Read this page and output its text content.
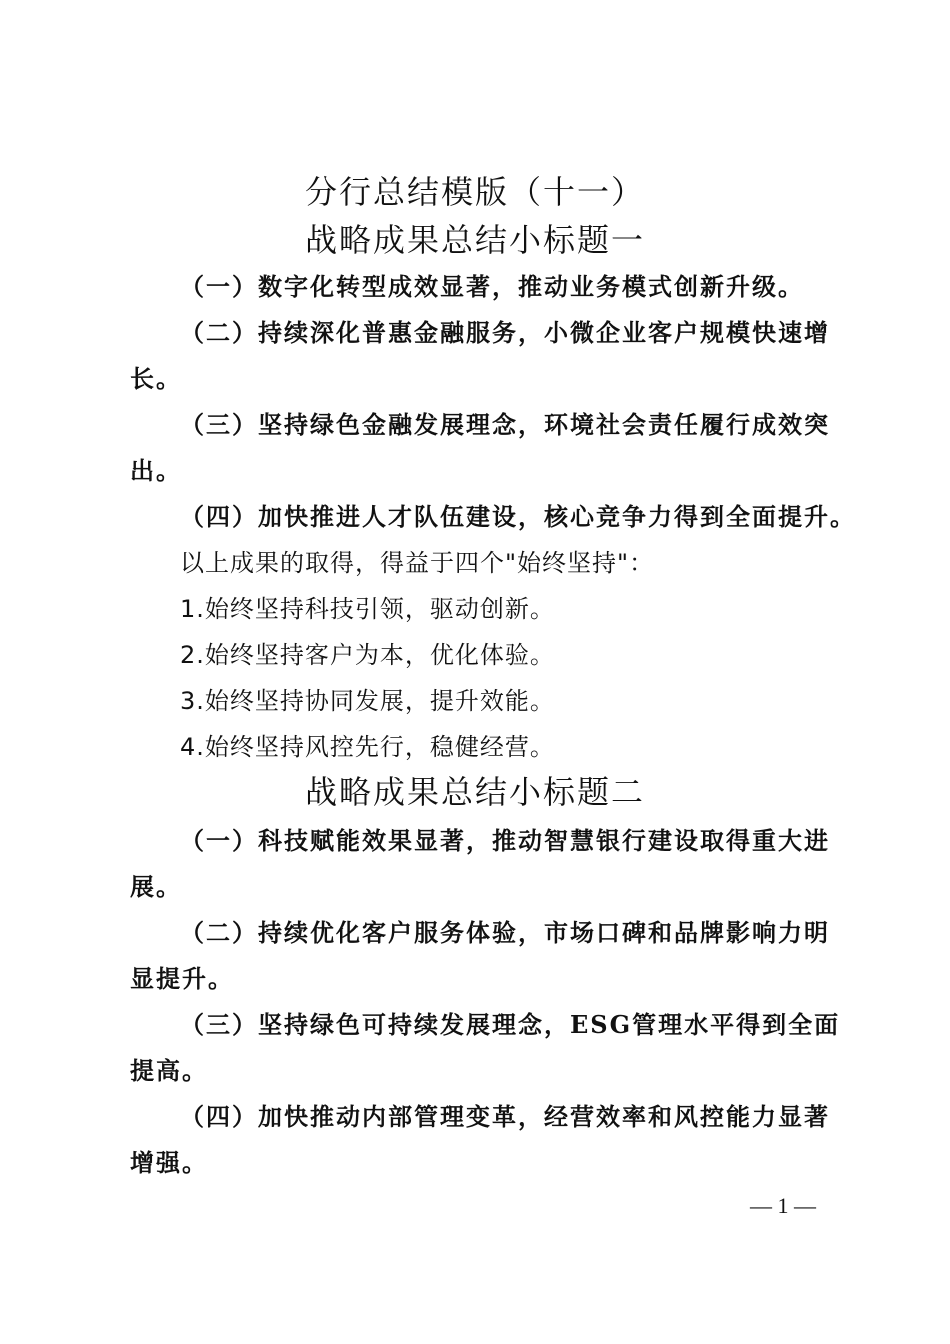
分行总结模版（十一）
战略成果总结小标题一
（一）数字化转型成效显著，推动业务模式创新升级。
（二）持续深化普惠金融服务，小微企业客户规模快速增
长。
（三）坚持绿色金融发展理念，环境社会责任履行成效突
出。
（四）加快推进人才队伍建设，核心竞争力得到全面提升。
以上成果的取得，得益于四个"始终坚持"：
1.始终坚持科技引领，驱动创新。
2.始终坚持客户为本，优化体验。
3.始终坚持协同发展，提升效能。
4.始终坚持风控先行，稳健经营。
战略成果总结小标题二
（一）科技赋能效果显著，推动智慧银行建设取得重大进
展。
（二）持续优化客户服务体验，市场口碑和品牌影响力明
显提升。
（三）坚持绿色可持续发展理念，ESG管理水平得到全面
提高。
（四）加快推动内部管理变革，经营效率和风控能力显著
增强。
— 1 —
